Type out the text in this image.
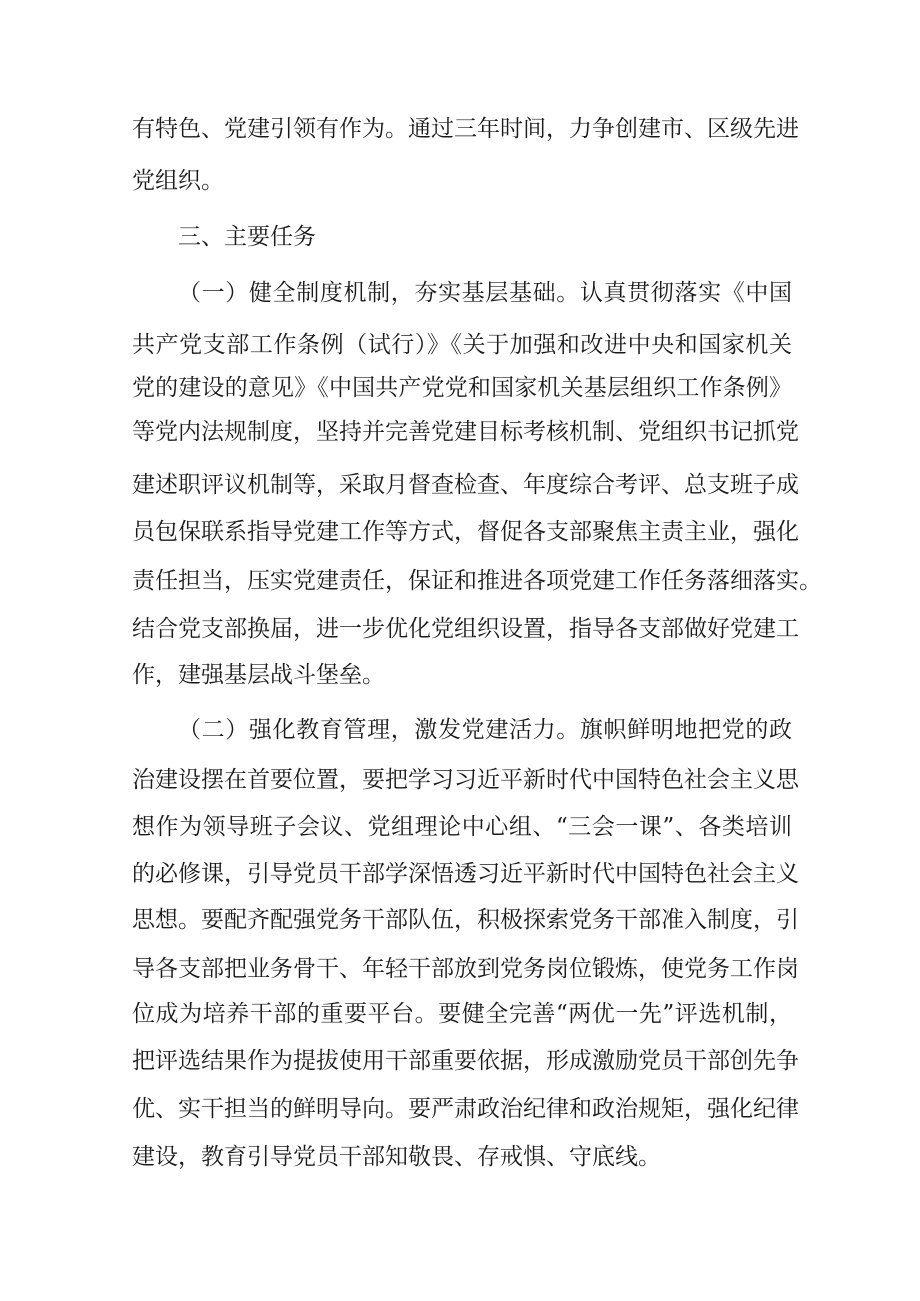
有特色、党建引领有作为。通过三年时间，力争创建市、区级先进
党组织。
三、主要任务
（一）健全制度机制，夯实基层基础。认真贯彻落实《中国
共产党支部工作条例（试行）》《关于加强和改进中央和国家机关
党的建设的意见》《中国共产党党和国家机关基层组织工作条例》
等党内法规制度，坚持并完善党建目标考核机制、党组织书记抓党
建述职评议机制等，采取月督查检查、年度综合考评、总支班子成
员包保联系指导党建工作等方式，督促各支部聚焦主责主业，强化
责任担当，压实党建责任，保证和推进各项党建工作任务落细落实。
结合党支部换届，进一步优化党组织设置，指导各支部做好党建工
作，建强基层战斗堡垒。
（二）强化教育管理，激发党建活力。旗帜鲜明地把党的政
治建设摆在首要位置，要把学习习近平新时代中国特色社会主义思
想作为领导班子会议、党组理论中心组、“三会一课”、各类培训
的必修课，引导党员干部学深悟透习近平新时代中国特色社会主义
思想。要配齐配强党务干部队伍，积极探索党务干部准入制度，引
导各支部把业务骨干、年轻干部放到党务岗位锻炼，使党务工作岗
位成为培养干部的重要平台。要健全完善“两优一先”评选机制，
把评选结果作为提拔使用干部重要依据，形成激励党员干部创先争
优、实干担当的鲜明导向。要严肃政治纪律和政治规矩，强化纪律
建设，教育引导党员干部知敬畏、存戒惧、守底线。
